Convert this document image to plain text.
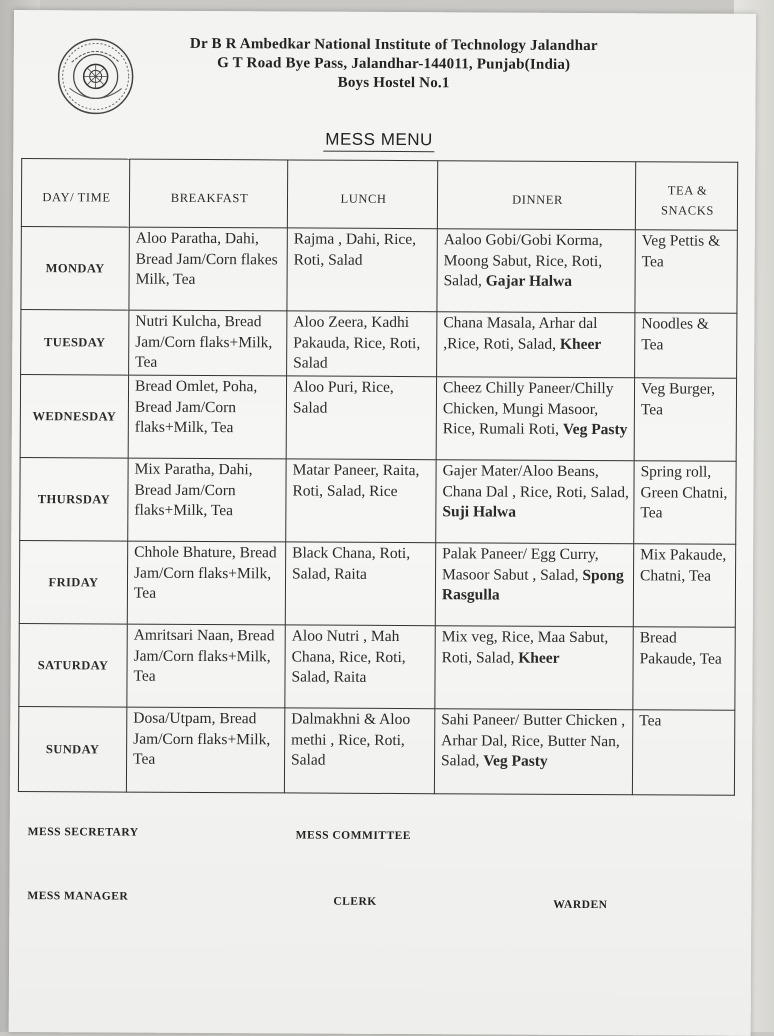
Dr B R Ambedkar National Institute of Technology Jalandhar
G T Road Bye Pass, Jalandhar-144011, Punjab(India)
Boys Hostel No.1
MESS MENU
DAY/ TIME	BREAKFAST	LUNCH	DINNER	TEA & SNACKS
MONDAY	Aloo Paratha, Dahi, Bread Jam/Corn flakes Milk, Tea	Rajma , Dahi, Rice, Roti, Salad	Aaloo Gobi/Gobi Korma, Moong Sabut, Rice, Roti, Salad, Gajar Halwa	Veg Pettis & Tea
TUESDAY	Nutri Kulcha, Bread Jam/Corn flaks+Milk, Tea	Aloo Zeera, Kadhi Pakauda, Rice, Roti, Salad	Chana Masala, Arhar dal ,Rice, Roti, Salad, Kheer	Noodles & Tea
WEDNESDAY	Bread Omlet, Poha, Bread Jam/Corn flaks+Milk, Tea	Aloo Puri, Rice, Salad	Cheez Chilly Paneer/Chilly Chicken, Mungi Masoor, Rice, Rumali Roti, Veg Pasty	Veg Burger, Tea
THURSDAY	Mix Paratha, Dahi, Bread Jam/Corn flaks+Milk, Tea	Matar Paneer, Raita, Roti, Salad, Rice	Gajer Mater/Aloo Beans, Chana Dal , Rice, Roti, Salad, Suji Halwa	Spring roll, Green Chatni, Tea
FRIDAY	Chhole Bhature, Bread Jam/Corn flaks+Milk, Tea	Black Chana, Roti, Salad, Raita	Palak Paneer/ Egg Curry, Masoor Sabut , Salad, Spong Rasgulla	Mix Pakaude, Chatni, Tea
SATURDAY	Amritsari Naan, Bread Jam/Corn flaks+Milk, Tea	Aloo Nutri , Mah Chana, Rice, Roti, Salad, Raita	Mix veg, Rice, Maa Sabut, Roti, Salad, Kheer	Bread Pakaude, Tea
SUNDAY	Dosa/Utpam, Bread Jam/Corn flaks+Milk, Tea	Dalmakhni & Aloo methi , Rice, Roti, Salad	Sahi Paneer/ Butter Chicken , Arhar Dal, Rice, Butter Nan, Salad, Veg Pasty	Tea
MESS SECRETARY	MESS COMMITTEE
MESS MANAGER	CLERK	WARDEN
